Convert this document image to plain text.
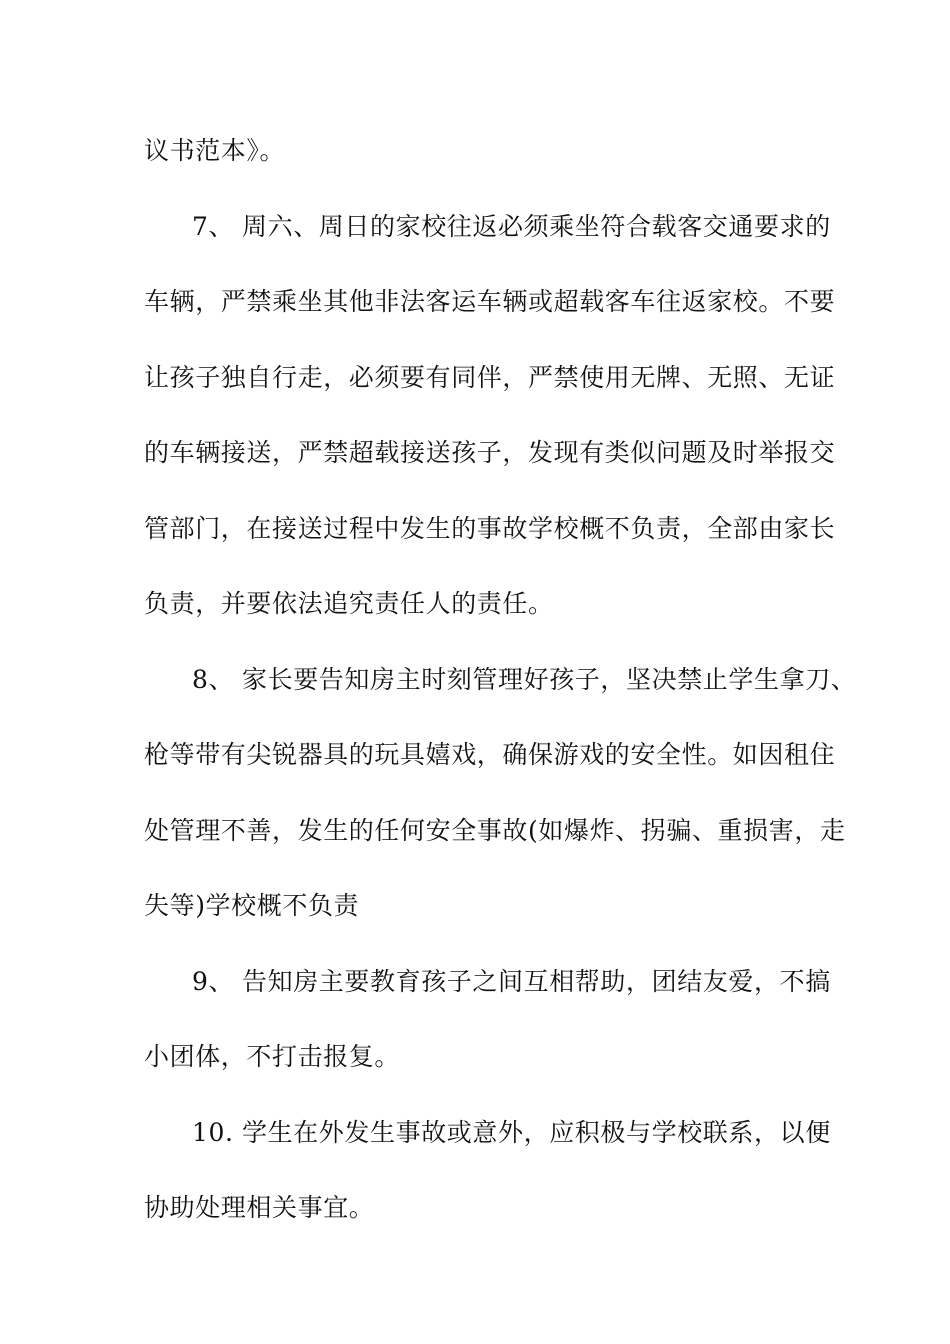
议书范本》。
7、 周六、周日的家校往返必须乘坐符合载客交通要求的
车辆，严禁乘坐其他非法客运车辆或超载客车往返家校。不要
让孩子独自行走，必须要有同伴，严禁使用无牌、无照、无证
的车辆接送，严禁超载接送孩子，发现有类似问题及时举报交
管部门，在接送过程中发生的事故学校概不负责，全部由家长
负责，并要依法追究责任人的责任。
8、 家长要告知房主时刻管理好孩子，坚决禁止学生拿刀、
枪等带有尖锐器具的玩具嬉戏，确保游戏的安全性。如因租住
处管理不善，发生的任何安全事故(如爆炸、拐骗、重损害，走
失等)学校概不负责
9、 告知房主要教育孩子之间互相帮助，团结友爱，不搞
小团体，不打击报复。
10. 学生在外发生事故或意外，应积极与学校联系，以便
协助处理相关事宜。
